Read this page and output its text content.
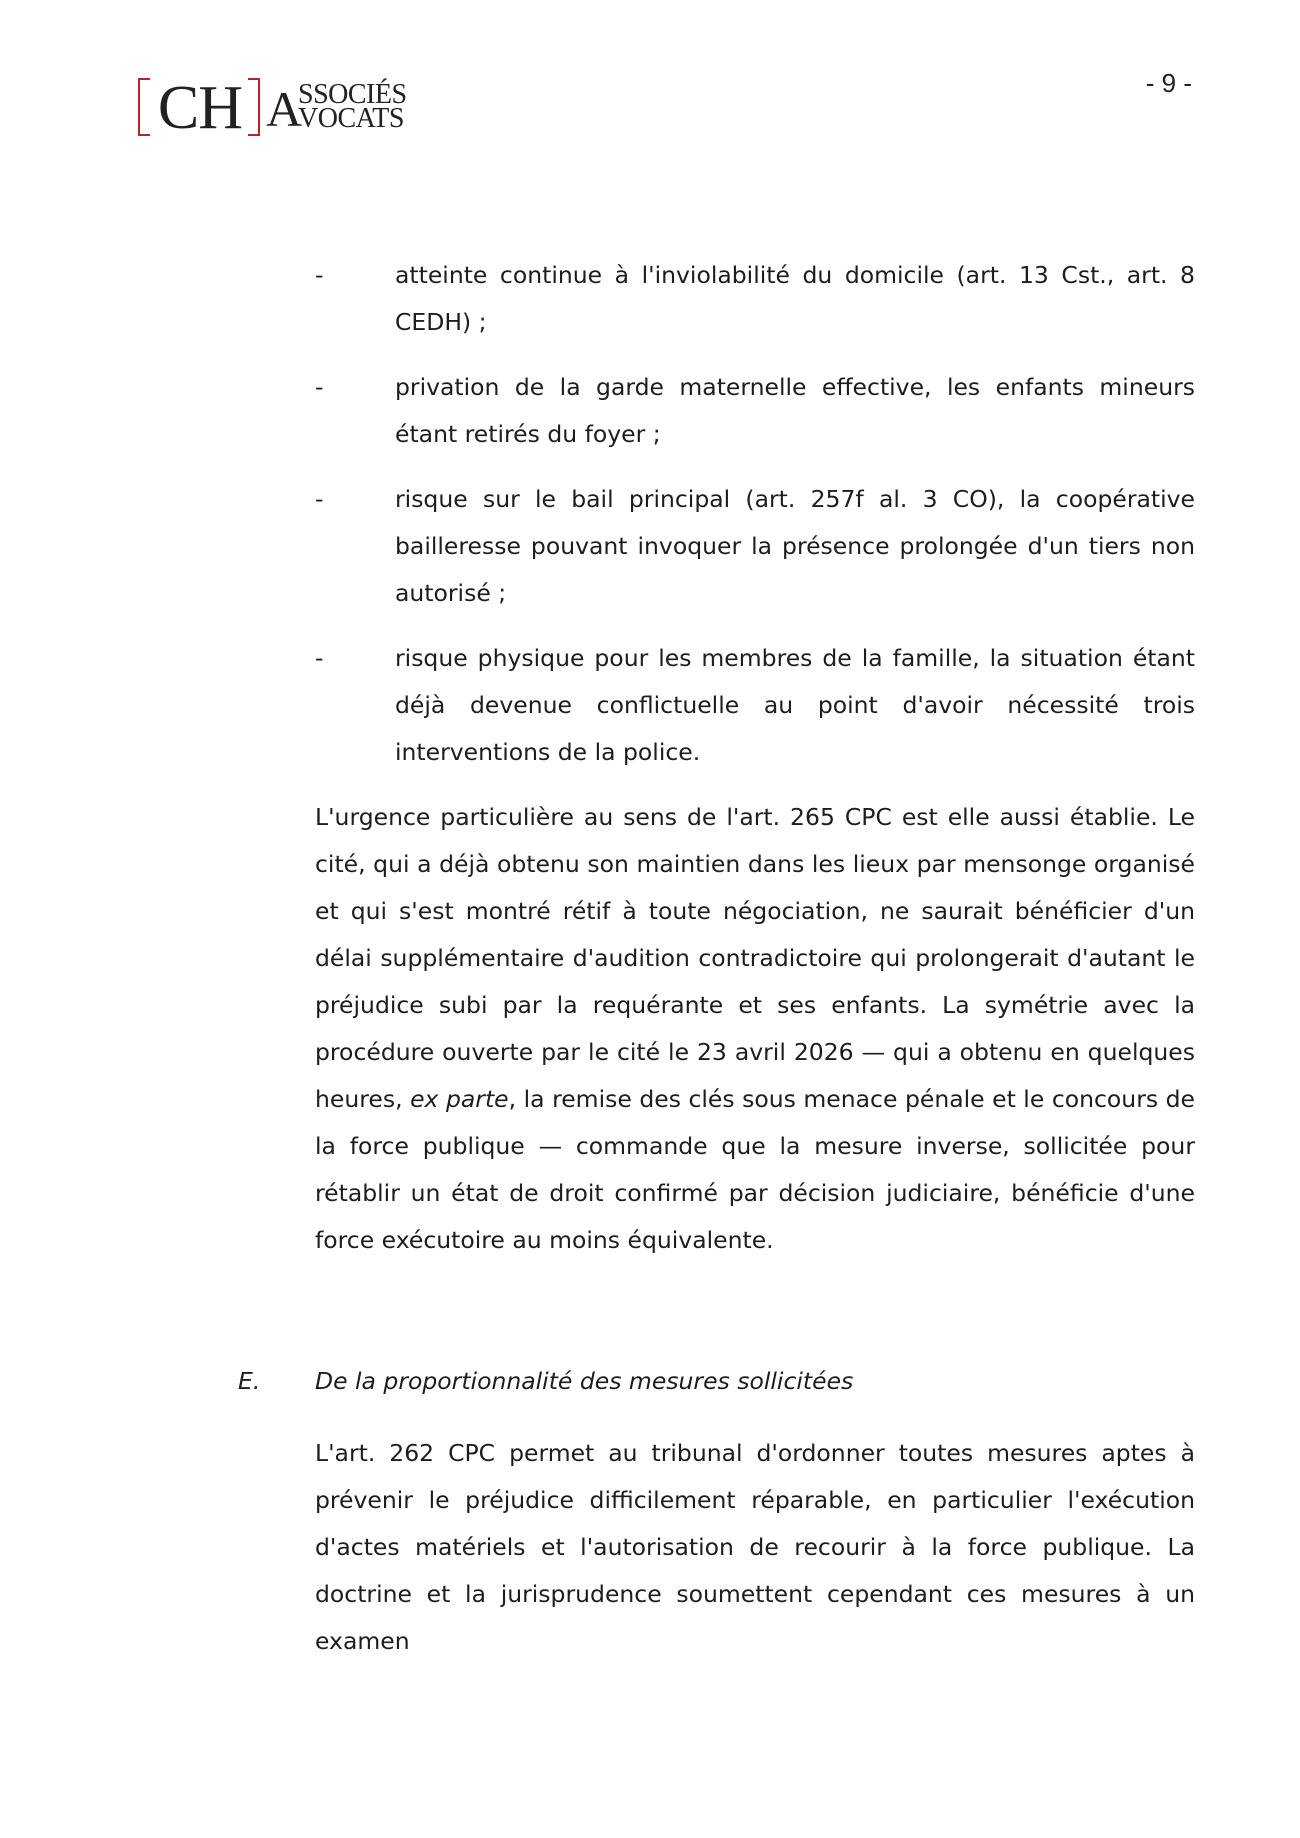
CH A
SSOCIÉS
VOCATS
- 9 -
-	atteinte continue à l'inviolabilité du domicile (art. 13 Cst., art. 8 CEDH) ;
-	privation de la garde maternelle effective, les enfants mineurs étant retirés du foyer ;
-	risque sur le bail principal (art. 257f al. 3 CO), la coopérative bailleresse pouvant invoquer la présence prolongée d'un tiers non autorisé ;
-	risque physique pour les membres de la famille, la situation étant déjà devenue conflictuelle au point d'avoir nécessité trois interventions de la police.

L'urgence particulière au sens de l'art. 265 CPC est elle aussi établie. Le cité, qui a déjà obtenu son maintien dans les lieux par mensonge organisé et qui s'est montré rétif à toute négociation, ne saurait bénéficier d'un délai supplémentaire d'audition contradictoire qui prolongerait d'autant le préjudice subi par la requérante et ses enfants. La symétrie avec la procédure ouverte par le cité le 23 avril 2026 — qui a obtenu en quelques heures, ex parte, la remise des clés sous menace pénale et le concours de la force publique — commande que la mesure inverse, sollicitée pour rétablir un état de droit confirmé par décision judiciaire, bénéficie d'une force exécutoire au moins équivalente.

E. De la proportionnalité des mesures sollicitées

L'art. 262 CPC permet au tribunal d'ordonner toutes mesures aptes à prévenir le préjudice difficilement réparable, en particulier l'exécution d'actes matériels et l'autorisation de recourir à la force publique. La doctrine et la jurisprudence soumettent cependant ces mesures à un examen
